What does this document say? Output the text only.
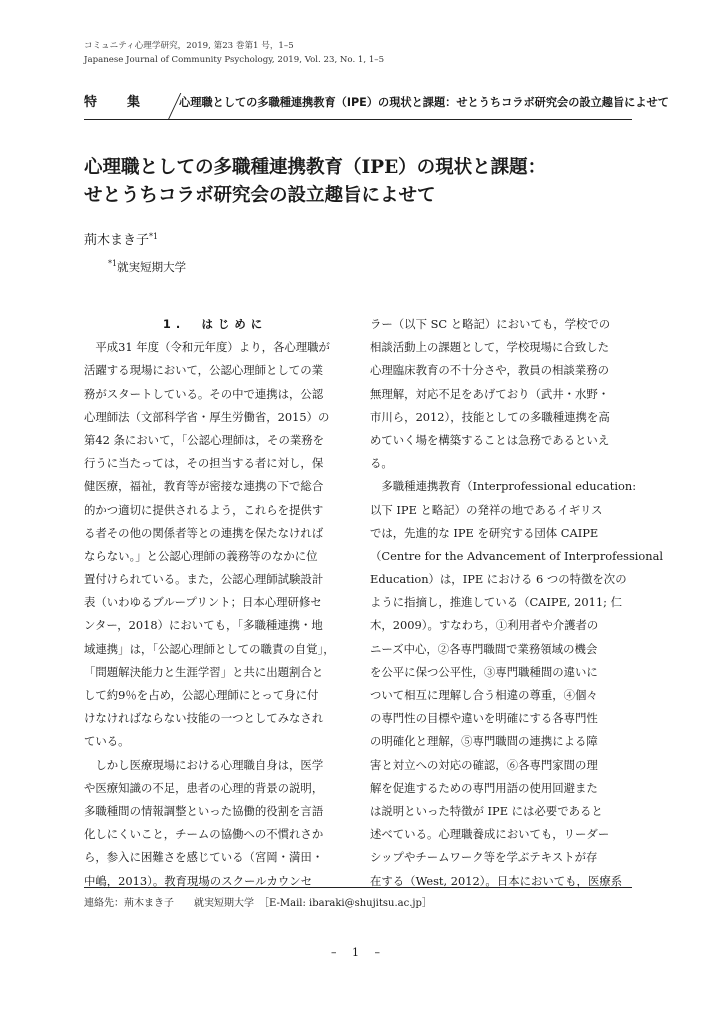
コミュニティ心理学研究，2019, 第23 巻第1 号，1–5
Japanese Journal of Community Psychology, 2019, Vol. 23, No. 1, 1–5
特集 心理職としての多職種連携教育（IPE）の現状と課題：せとうちコラボ研究会の設立趣旨によせて
心理職としての多職種連携教育（IPE）の現状と課題：
せとうちコラボ研究会の設立趣旨によせて
荊木まき子$^{*1}$
$^{*1}$就実短期大学
1.　はじめに
　平成31 年度（令和元年度）より，各心理職が
活躍する現場において，公認心理師としての業
務がスタートしている。その中で連携は，公認
心理師法（文部科学省・厚生労働省，2015）の
第42 条において，「公認心理師は，その業務を
行うに当たっては，その担当する者に対し，保
健医療，福祉，教育等が密接な連携の下で総合
的かつ適切に提供されるよう，これらを提供す
る者その他の関係者等との連携を保たなければ
ならない。」と公認心理師の義務等のなかに位
置付けられている。また，公認心理師試験設計
表（いわゆるブループリント；日本心理研修セ
ンター，2018）においても，「多職種連携・地
域連携」は，「公認心理師としての職責の自覚」，
「問題解決能力と生涯学習」と共に出題割合と
して約9％を占め，公認心理師にとって身に付
けなければならない技能の一つとしてみなされ
ている。
　しかし医療現場における心理職自身は，医学
や医療知識の不足，患者の心理的背景の説明，
多職種間の情報調整といった協働的役割を言語
化しにくいこと，チームの協働への不慣れさか
ら，参入に困難さを感じている（宮岡・満田・
中嶋，2013）。教育現場のスクールカウンセ
ラー（以下 SC と略記）においても，学校での
相談活動上の課題として，学校現場に合致した
心理臨床教育の不十分さや，教員の相談業務の
無理解，対応不足をあげており（武井・水野・
市川ら，2012），技能としての多職種連携を高
めていく場を構築することは急務であるといえ
る。
　多職種連携教育（Interprofessional education:
以下 IPE と略記）の発祥の地であるイギリス
では，先進的な IPE を研究する団体 CAIPE
（Centre for the Advancement of Interprofessional
Education）は，IPE における 6 つの特徴を次の
ように指摘し，推進している（CAIPE, 2011; 仁
木，2009）。すなわち，①利用者や介護者の
ニーズ中心，②各専門職間で業務領域の機会
を公平に保つ公平性，③専門職種間の違いに
ついて相互に理解し合う相違の尊重，④個々
の専門性の目標や違いを明確にする各専門性
の明確化と理解，⑤専門職間の連携による障
害と対立への対応の確認，⑥各専門家間の理
解を促進するための専門用語の使用回避また
は説明といった特徴が IPE には必要であると
述べている。心理職養成においても，リーダー
シップやチームワーク等を学ぶテキストが存
在する（West, 2012）。日本においても，医療系
連絡先：荊木まき子　　就実短期大学　［E-Mail: ibaraki@shujitsu.ac.jp］
– 1 –
